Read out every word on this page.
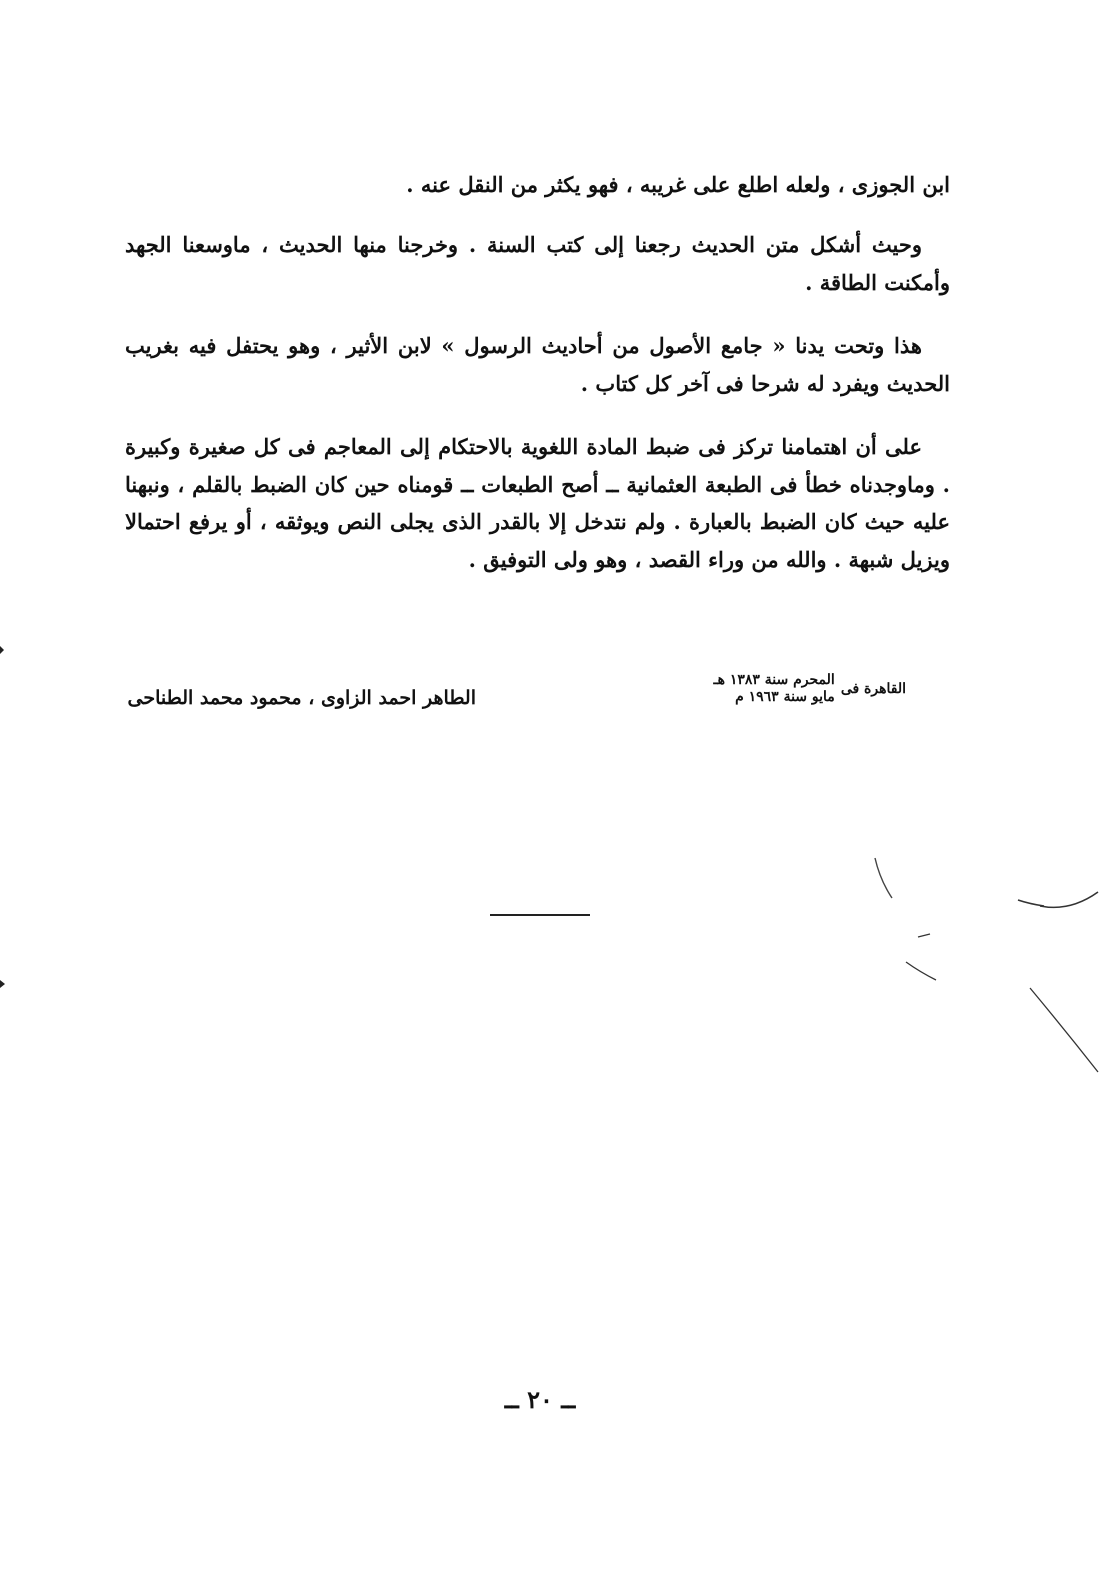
ابن الجوزى ، ولعله اطلع على غريبه ، فهو يكثر من النقل عنه .

وحيث أشكل متن الحديث رجعنا إلى كتب السنة . وخرجنا منها الحديث ، ماوسعنا الجهد وأمكنت الطاقة .

هذا وتحت يدنا « جامع الأصول من أحاديث الرسول » لابن الأثير ، وهو يحتفل فيه بغريب الحديث ويفرد له شرحا فى آخر كل كتاب .

على أن اهتمامنا تركز فى ضبط المادة اللغوية بالاحتكام إلى المعاجم فى كل صغيرة وكبيرة . وماوجدناه خطأ فى الطبعة العثمانية ــ أصح الطبعات ــ قومناه حين كان الضبط بالقلم ، ونبهنا عليه حيث كان الضبط بالعبارة . ولم نتدخل إلا بالقدر الذى يجلى النص ويوثقه ، أو يرفع احتمالا ويزيل شبهة . والله من وراء القصد ، وهو ولى التوفيق .

القاهرة فى
المحرم سنة ١٣٨٣ هـ
مايو سنة ١٩٦٣ م
الطاهر احمد الزاوى ، محمود محمد الطناحى
ــ ٢٠ ــ
